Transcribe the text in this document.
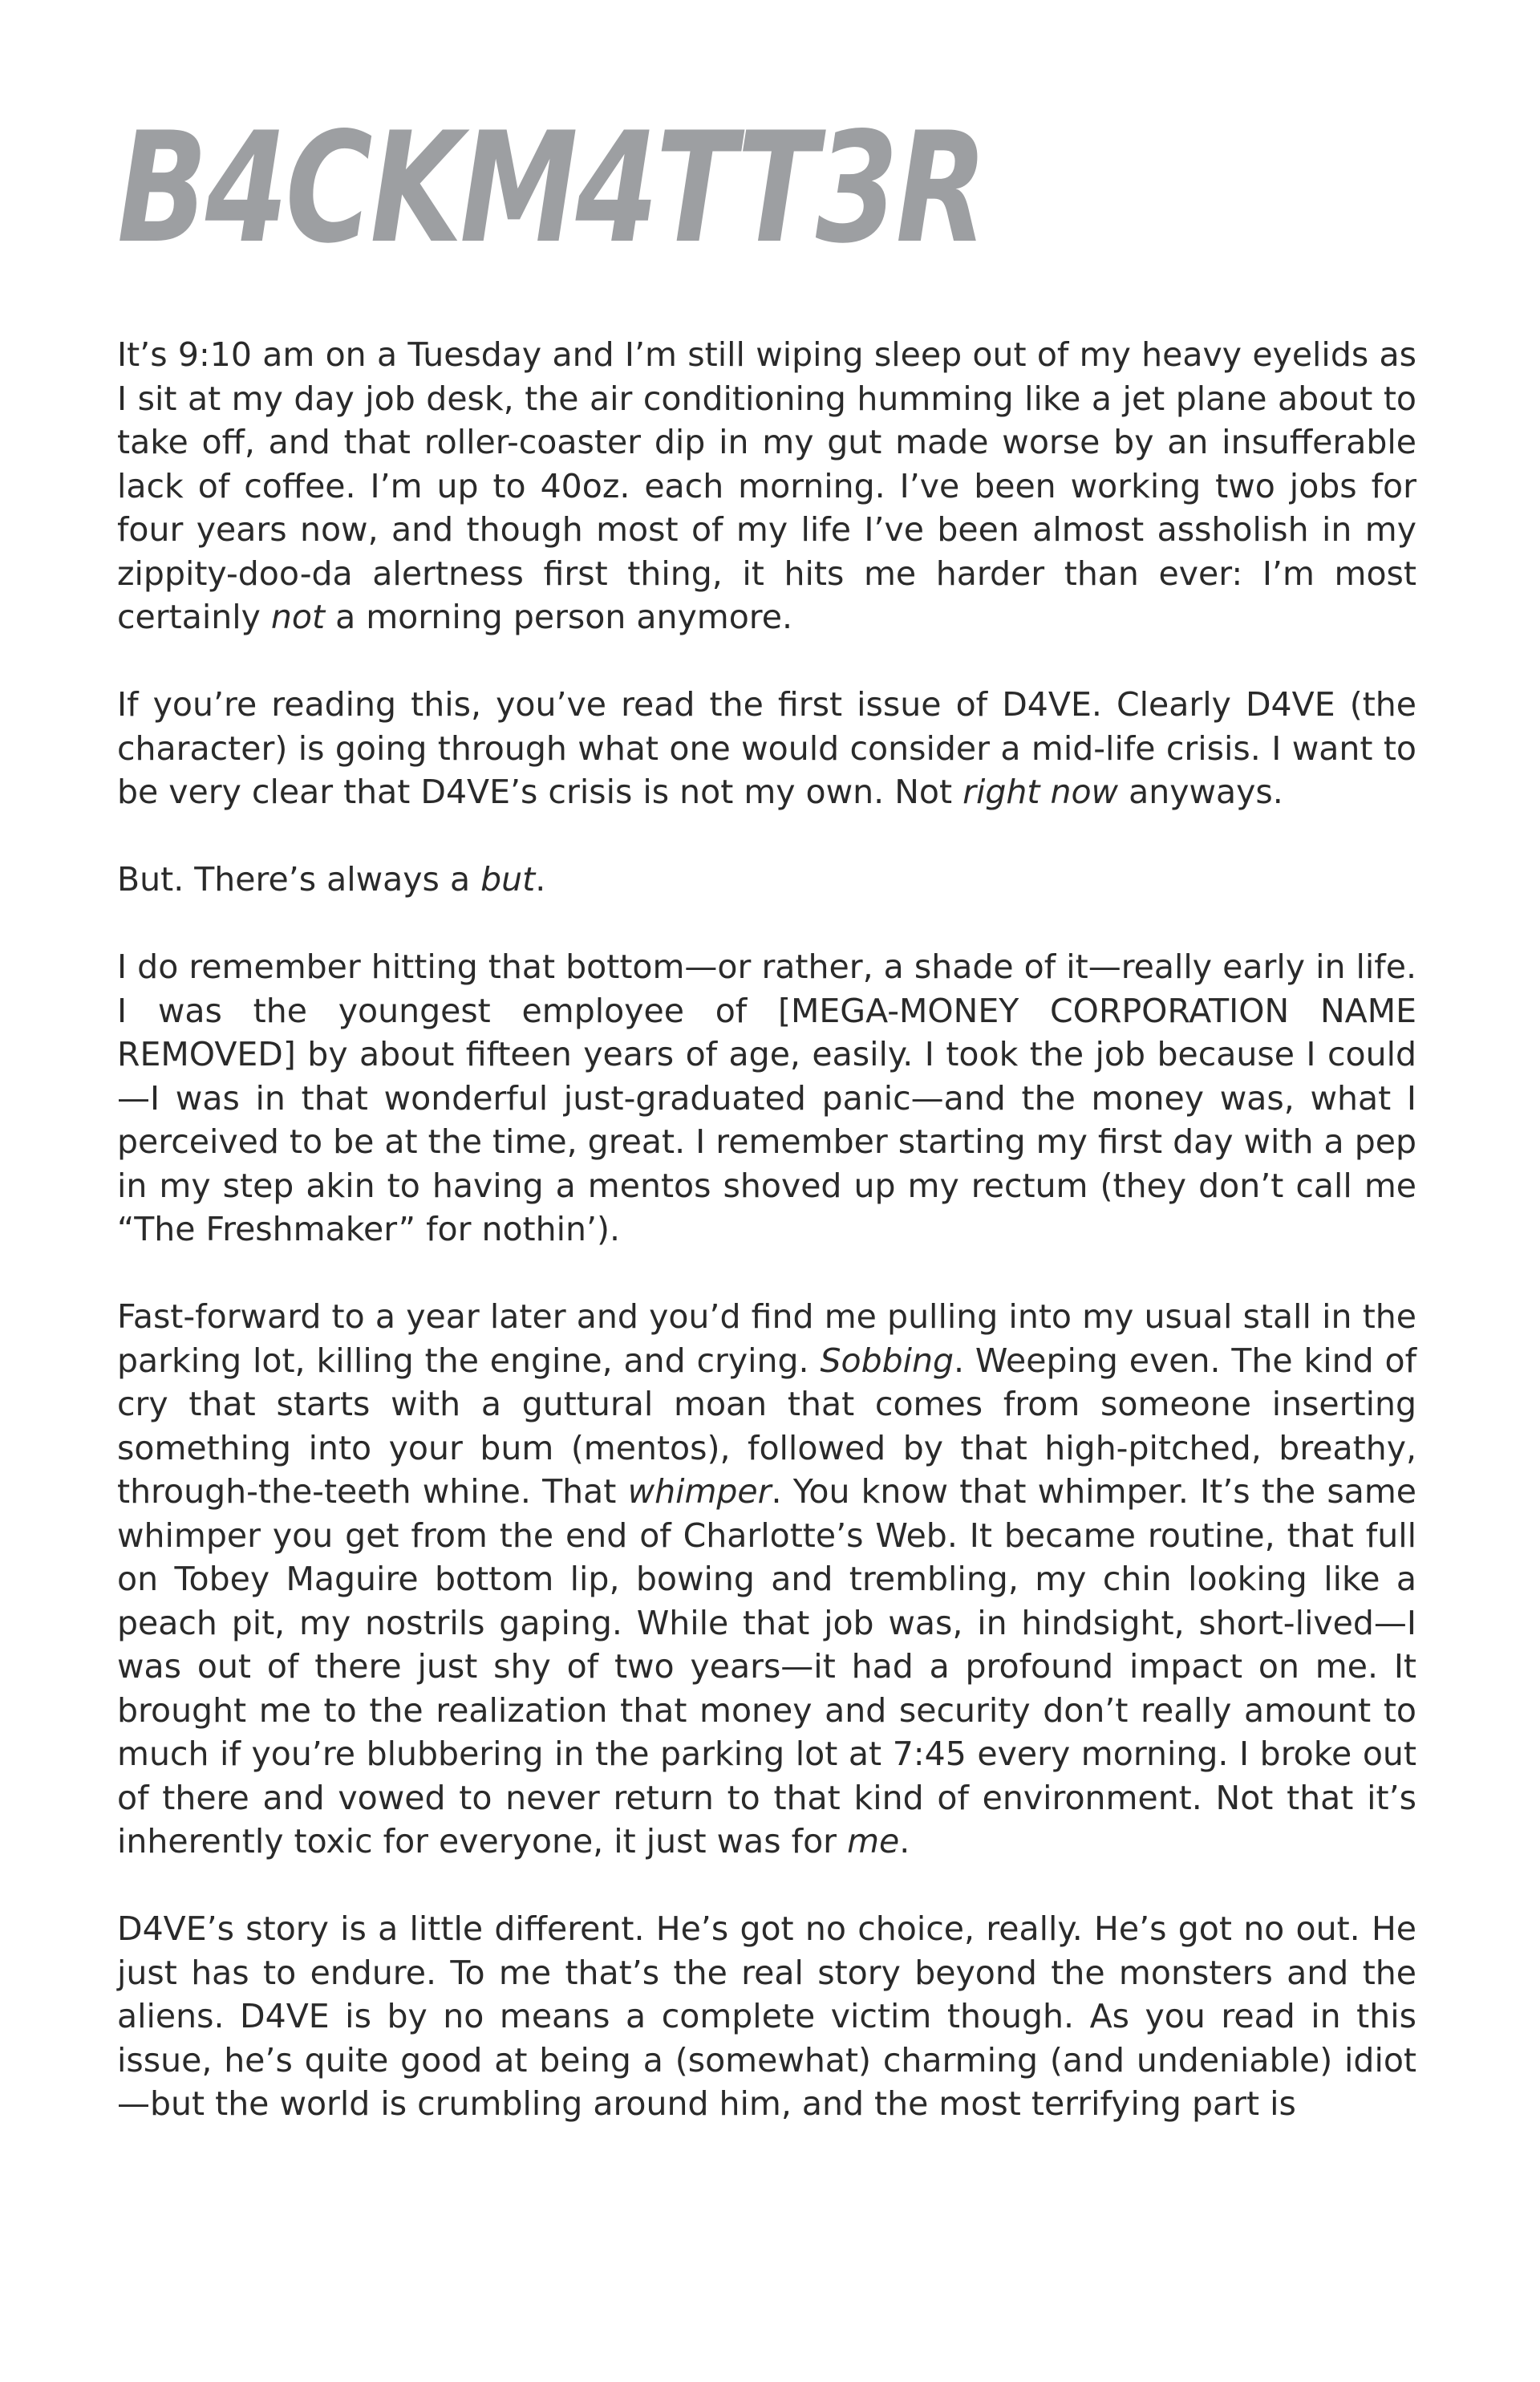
B4CKM4TT3R

It’s 9:10 am on a Tuesday and I’m still wiping sleep out of my heavy eyelids as I sit at my day job desk, the air conditioning humming like a jet plane about to take off, and that roller-coaster dip in my gut made worse by an insufferable lack of coffee. I’m up to 40oz. each morning. I’ve been working two jobs for four years now, and though most of my life I’ve been almost assholish in my zippity-doo-da alertness first thing, it hits me harder than ever: I’m most certainly not a morning person anymore.

If you’re reading this, you’ve read the first issue of D4VE. Clearly D4VE (the character) is going through what one would consider a mid-life crisis. I want to be very clear that D4VE’s crisis is not my own. Not right now anyways.

But. There’s always a but.

I do remember hitting that bottom—or rather, a shade of it—really early in life. I was the youngest employee of [MEGA-MONEY CORPORATION NAME REMOVED] by about fifteen years of age, easily. I took the job because I could—I was in that wonderful just-graduated panic—and the money was, what I perceived to be at the time, great. I remember starting my first day with a pep in my step akin to having a mentos shoved up my rectum (they don’t call me “The Freshmaker” for nothin’).

Fast-forward to a year later and you’d find me pulling into my usual stall in the parking lot, killing the engine, and crying. Sobbing. Weeping even. The kind of cry that starts with a guttural moan that comes from someone inserting something into your bum (mentos), followed by that high-pitched, breathy, through-the-teeth whine. That whimper. You know that whimper. It’s the same whimper you get from the end of Charlotte’s Web. It became routine, that full on Tobey Maguire bottom lip, bowing and trembling, my chin looking like a peach pit, my nostrils gaping. While that job was, in hindsight, short-lived—I was out of there just shy of two years—it had a profound impact on me. It brought me to the realization that money and security don’t really amount to much if you’re blubbering in the parking lot at 7:45 every morning. I broke out of there and vowed to never return to that kind of environment. Not that it’s inherently toxic for everyone, it just was for me.

D4VE’s story is a little different. He’s got no choice, really. He’s got no out. He just has to endure. To me that’s the real story beyond the monsters and the aliens. D4VE is by no means a complete victim though. As you read in this issue, he’s quite good at being a (somewhat) charming (and undeniable) idiot—but the world is crumbling around him, and the most terrifying part is
